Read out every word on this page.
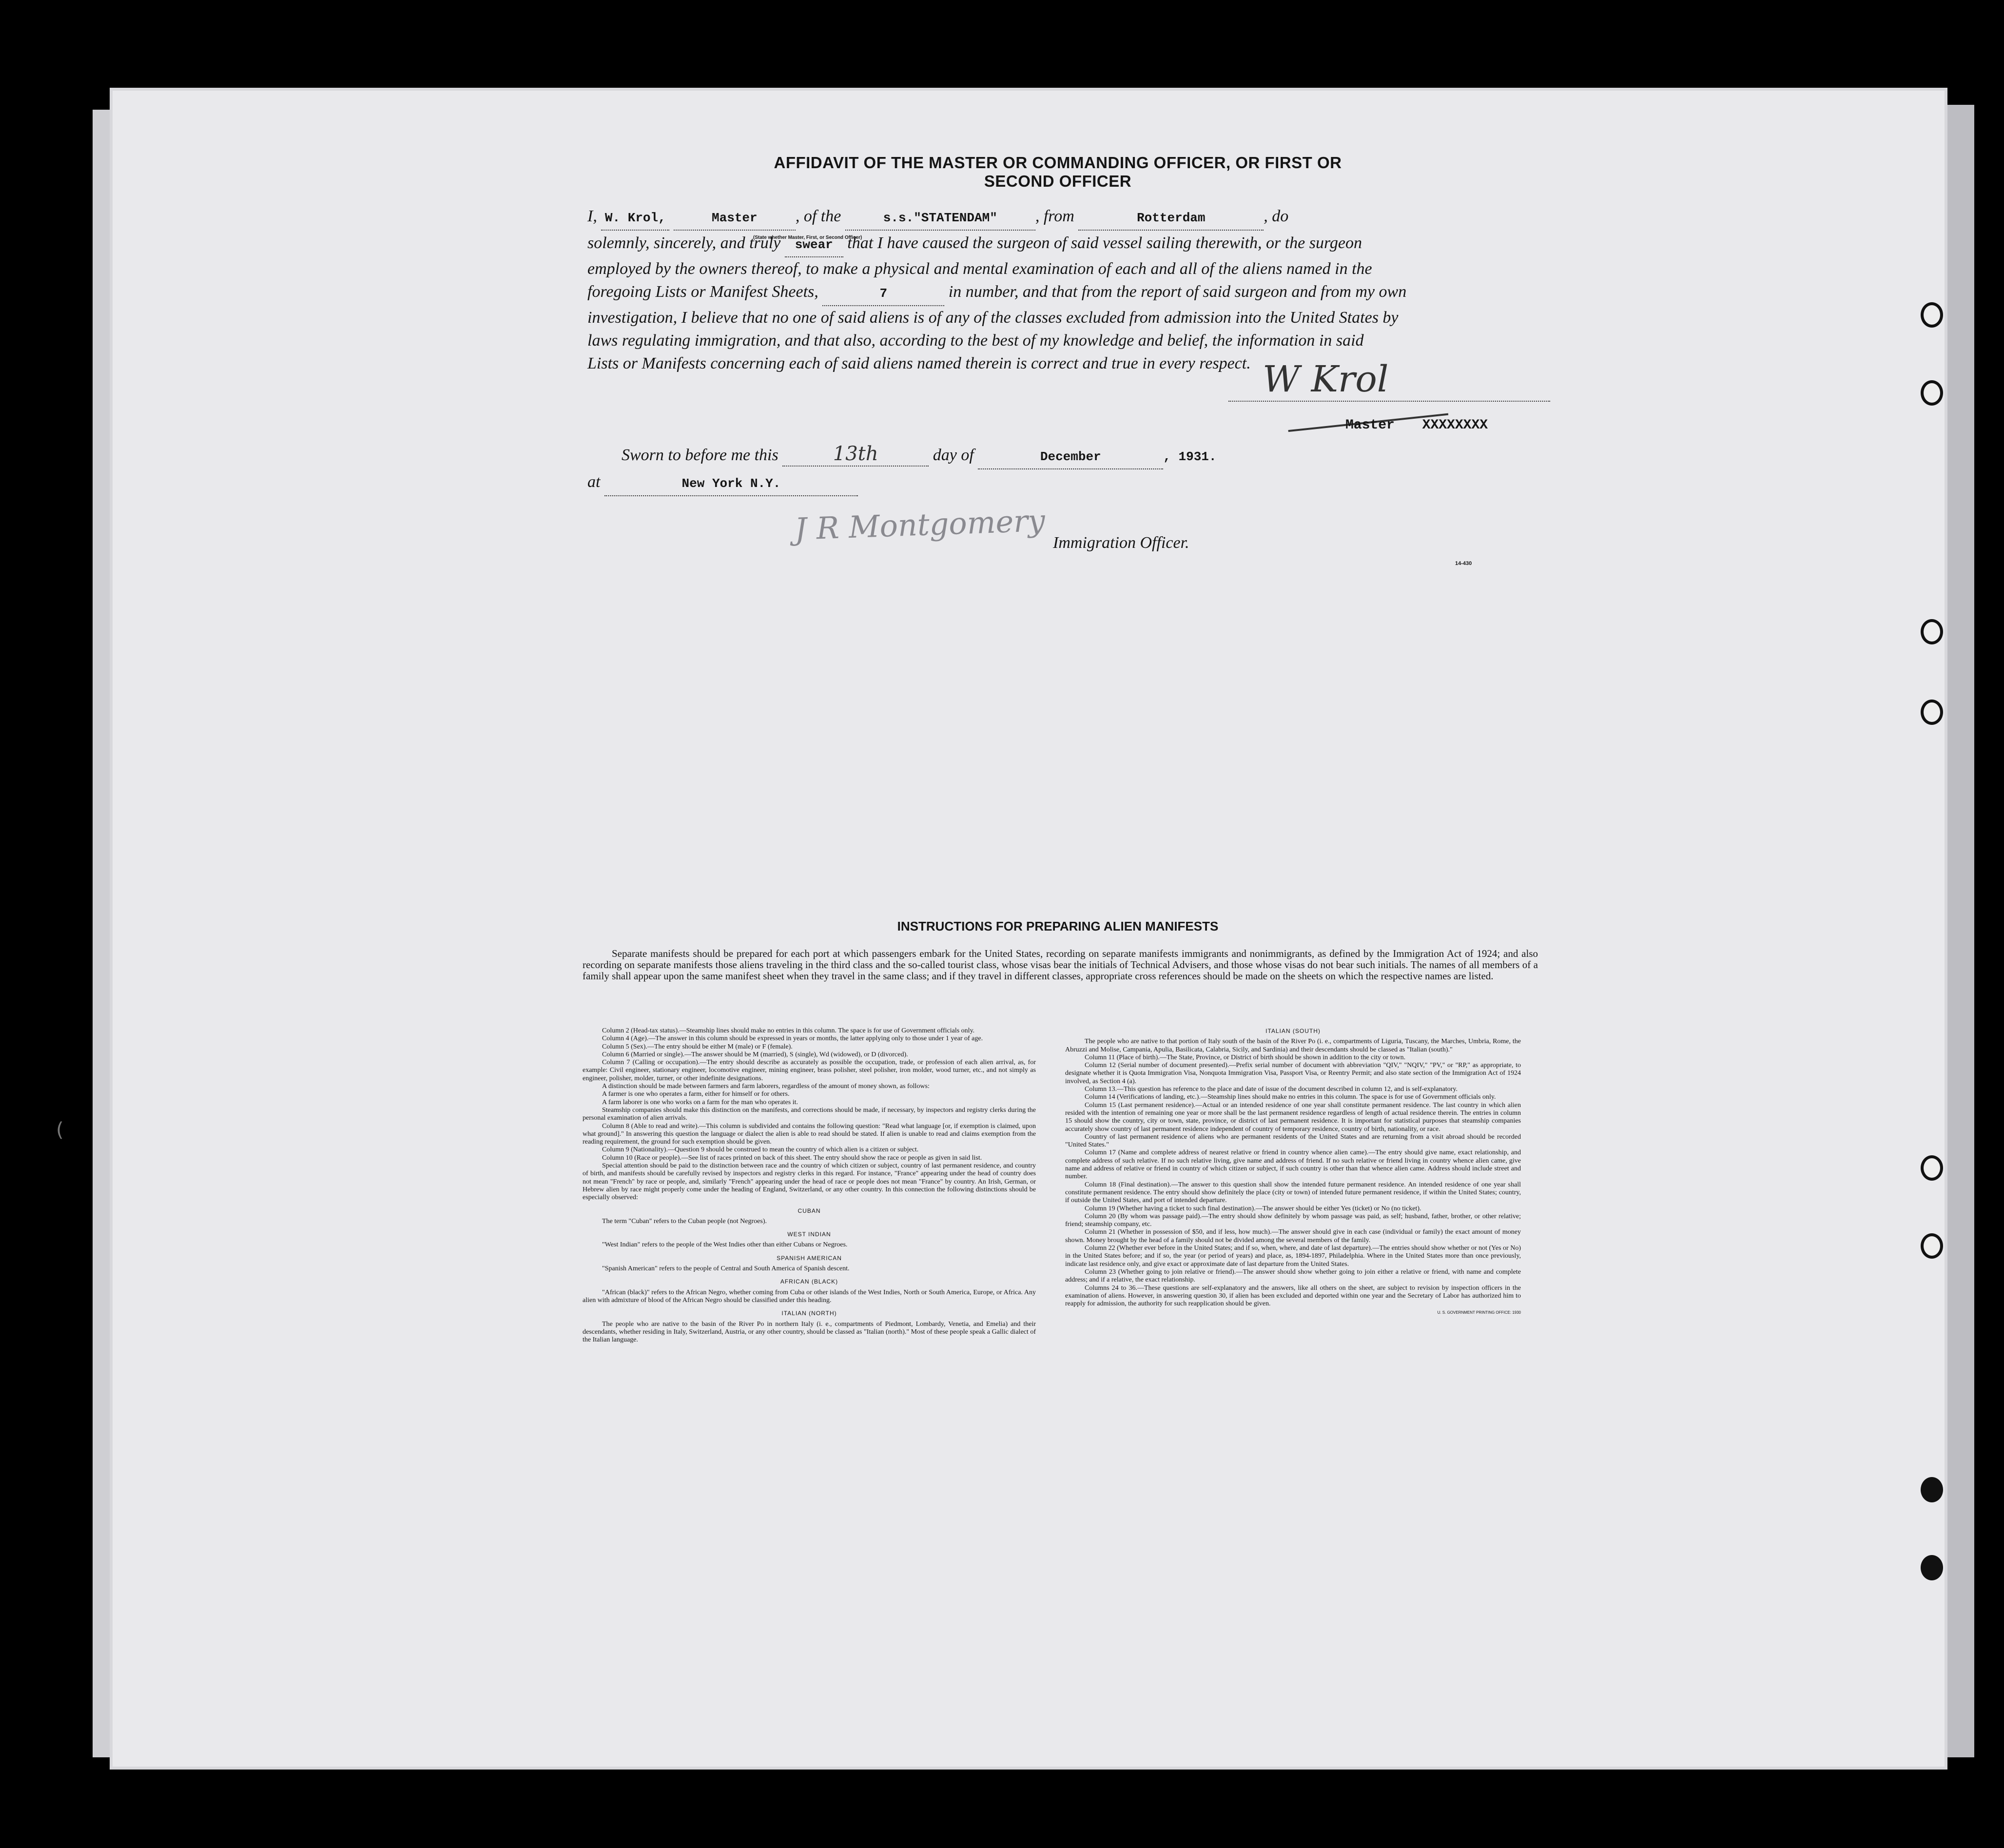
(
AFFIDAVIT OF THE MASTER OR COMMANDING OFFICER, OR FIRST OR SECOND OFFICER
I, W. Krol,	Master , of the	s.s."STATENDAM" , from	Rotterdam	, do
(State whether Master, First, or Second Officer)
solemnly, sincerely, and truly swear that I have caused the surgeon of said vessel sailing therewith, or the surgeon
employed by the owners thereof, to make a physical and mental examination of each and all of the aliens named in the
foregoing Lists or Manifest Sheets,	7	in number, and that from the report of said surgeon and from my own
investigation, I believe that no one of said aliens is of any of the classes excluded from admission into the United States by
laws regulating immigration, and that also, according to the best of my knowledge and belief, the information in said
Lists or Manifests concerning each of said aliens named therein is correct and true in every respect. W Krol
Master XXXXXXXX
Sworn to before me this	13th	day of	December	, 1931.
at	New York N.Y.
J R Montgomery Immigration Officer.
14-430
INSTRUCTIONS FOR PREPARING ALIEN MANIFESTS
Separate manifests should be prepared for each port at which passengers embark for the United States, recording on separate manifests immigrants and nonimmigrants, as defined by the Immigration Act of 1924; and also recording on separate manifests those aliens traveling in the third class and the so-called tourist class, whose visas bear the initials of Technical Advisers, and those whose visas do not bear such initials. The names of all members of a family shall appear upon the same manifest sheet when they travel in the same class; and if they travel in different classes, appropriate cross references should be made on the sheets on which the respective names are listed.

Column 2 (Head-tax status).—Steamship lines should make no entries in this column. The space is for use of Government officials only.

Column 4 (Age).—The answer in this column should be expressed in years or months, the latter applying only to those under 1 year of age.

Column 5 (Sex).—The entry should be either M (male) or F (female).

Column 6 (Married or single).—The answer should be M (married), S (single), Wd (widowed), or D (divorced).

Column 7 (Calling or occupation).—The entry should describe as accurately as possible the occupation, trade, or profession of each alien arrival, as, for example: Civil engineer, stationary engineer, locomotive engineer, mining engineer, brass polisher, steel polisher, iron molder, wood turner, etc., and not simply as engineer, polisher, molder, turner, or other indefinite designations.

A distinction should be made between farmers and farm laborers, regardless of the amount of money shown, as follows:

A farmer is one who operates a farm, either for himself or for others.

A farm laborer is one who works on a farm for the man who operates it.

Steamship companies should make this distinction on the manifests, and corrections should be made, if necessary, by inspectors and registry clerks during the personal examination of alien arrivals.

Column 8 (Able to read and write).—This column is subdivided and contains the following question: "Read what language [or, if exemption is claimed, upon what ground]." In answering this question the language or dialect the alien is able to read should be stated. If alien is unable to read and claims exemption from the reading requirement, the ground for such exemption should be given.

Column 9 (Nationality).—Question 9 should be construed to mean the country of which alien is a citizen or subject.

Column 10 (Race or people).—See list of races printed on back of this sheet. The entry should show the race or people as given in said list.

Special attention should be paid to the distinction between race and the country of which citizen or subject, country of last permanent residence, and country of birth, and manifests should be carefully revised by inspectors and registry clerks in this regard. For instance, "France" appearing under the head of country does not mean "French" by race or people, and, similarly "French" appearing under the head of race or people does not mean "France" by country. An Irish, German, or Hebrew alien by race might properly come under the heading of England, Switzerland, or any other country. In this connection the following distinctions should be especially observed:

CUBAN

The term "Cuban" refers to the Cuban people (not Negroes).

WEST INDIAN

"West Indian" refers to the people of the West Indies other than either Cubans or Negroes.

SPANISH AMERICAN

"Spanish American" refers to the people of Central and South America of Spanish descent.

AFRICAN (BLACK)

"African (black)" refers to the African Negro, whether coming from Cuba or other islands of the West Indies, North or South America, Europe, or Africa. Any alien with admixture of blood of the African Negro should be classified under this heading.

ITALIAN (NORTH)

The people who are native to the basin of the River Po in northern Italy (i. e., compartments of Piedmont, Lombardy, Venetia, and Emelia) and their descendants, whether residing in Italy, Switzerland, Austria, or any other country, should be classed as "Italian (north)." Most of these people speak a Gallic dialect of the Italian language.

ITALIAN (SOUTH)

The people who are native to that portion of Italy south of the basin of the River Po (i. e., compartments of Liguria, Tuscany, the Marches, Umbria, Rome, the Abruzzi and Molise, Campania, Apulia, Basilicata, Calabria, Sicily, and Sardinia) and their descendants should be classed as "Italian (south)."

Column 11 (Place of birth).—The State, Province, or District of birth should be shown in addition to the city or town.

Column 12 (Serial number of document presented).—Prefix serial number of document with abbreviation "QIV," "NQIV," "PV," or "RP," as appropriate, to designate whether it is Quota Immigration Visa, Nonquota Immigration Visa, Passport Visa, or Reentry Permit; and also state section of the Immigration Act of 1924 involved, as Section 4 (a).

Column 13.—This question has reference to the place and date of issue of the document described in column 12, and is self-explanatory.

Column 14 (Verifications of landing, etc.).—Steamship lines should make no entries in this column. The space is for use of Government officials only.

Column 15 (Last permanent residence).—Actual or an intended residence of one year shall constitute permanent residence. The last country in which alien resided with the intention of remaining one year or more shall be the last permanent residence regardless of length of actual residence therein. The entries in column 15 should show the country, city or town, state, province, or district of last permanent residence. It is important for statistical purposes that steamship companies accurately show country of last permanent residence independent of country of temporary residence, country of birth, nationality, or race.

Country of last permanent residence of aliens who are permanent residents of the United States and are returning from a visit abroad should be recorded "United States."

Column 17 (Name and complete address of nearest relative or friend in country whence alien came).—The entry should give name, exact relationship, and complete address of such relative. If no such relative living, give name and address of friend. If no such relative or friend living in country whence alien came, give name and address of relative or friend in country of which citizen or subject, if such country is other than that whence alien came. Address should include street and number.

Column 18 (Final destination).—The answer to this question shall show the intended future permanent residence. An intended residence of one year shall constitute permanent residence. The entry should show definitely the place (city or town) of intended future permanent residence, if within the United States; country, if outside the United States, and port of intended departure.

Column 19 (Whether having a ticket to such final destination).—The answer should be either Yes (ticket) or No (no ticket).

Column 20 (By whom was passage paid).—The entry should show definitely by whom passage was paid, as self; husband, father, brother, or other relative; friend; steamship company, etc.

Column 21 (Whether in possession of $50, and if less, how much).—The answer should give in each case (individual or family) the exact amount of money shown. Money brought by the head of a family should not be divided among the several members of the family.

Column 22 (Whether ever before in the United States; and if so, when, where, and date of last departure).—The entries should show whether or not (Yes or No) in the United States before; and if so, the year (or period of years) and place, as, 1894-1897, Philadelphia. Where in the United States more than once previously, indicate last residence only, and give exact or approximate date of last departure from the United States.

Column 23 (Whether going to join relative or friend).—The answer should show whether going to join either a relative or friend, with name and complete address; and if a relative, the exact relationship.

Columns 24 to 36.—These questions are self-explanatory and the answers, like all others on the sheet, are subject to revision by inspection officers in the examination of aliens. However, in answering question 30, if alien has been excluded and deported within one year and the Secretary of Labor has authorized him to reapply for admission, the authority for such reapplication should be given.

U. S. GOVERNMENT PRINTING OFFICE: 1930
